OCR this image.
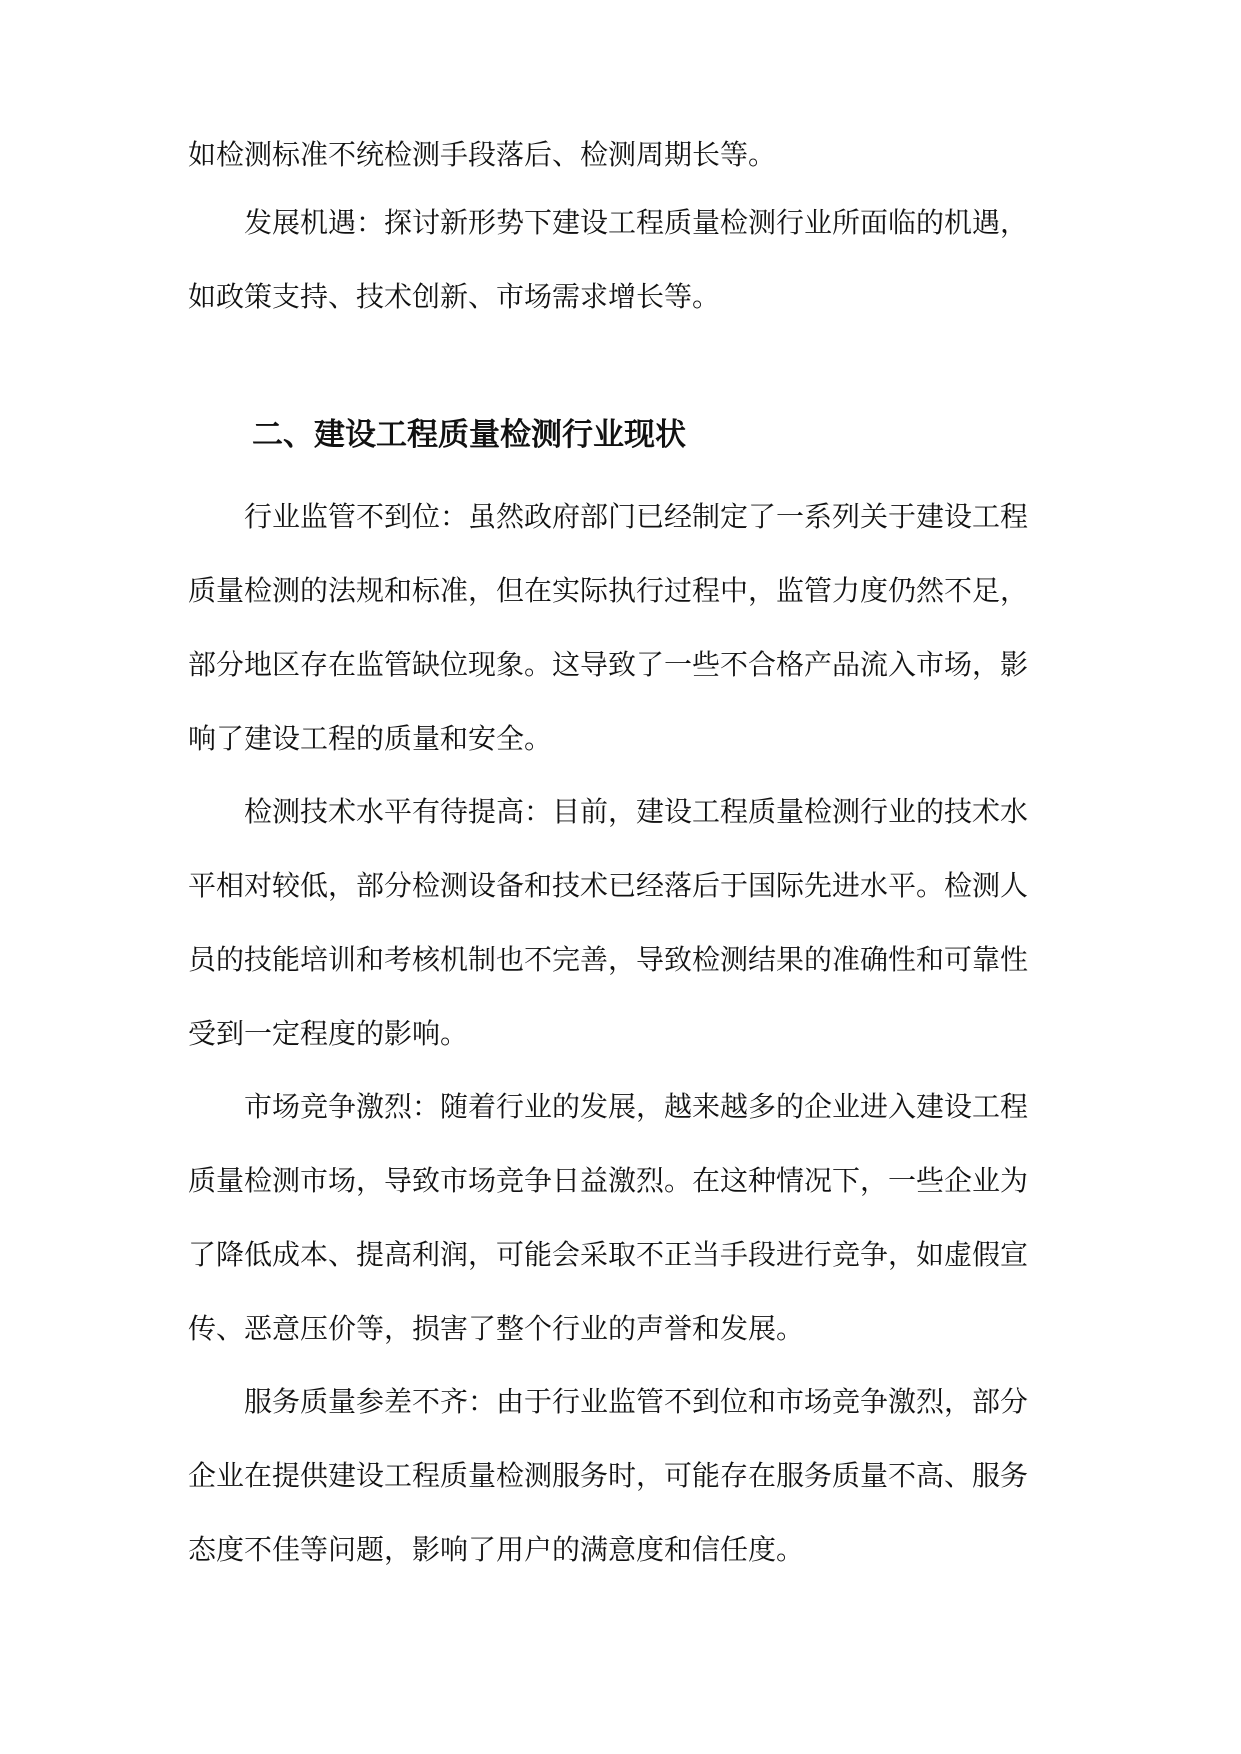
如检测标准不统检测手段落后、检测周期长等。

　　发展机遇：探讨新形势下建设工程质量检测行业所面临的机遇，
如政策支持、技术创新、市场需求增长等。

二、建设工程质量检测行业现状

　　行业监管不到位：虽然政府部门已经制定了一系列关于建设工程
质量检测的法规和标准，但在实际执行过程中，监管力度仍然不足，
部分地区存在监管缺位现象。这导致了一些不合格产品流入市场，影
响了建设工程的质量和安全。

　　检测技术水平有待提高：目前，建设工程质量检测行业的技术水
平相对较低，部分检测设备和技术已经落后于国际先进水平。检测人
员的技能培训和考核机制也不完善，导致检测结果的准确性和可靠性
受到一定程度的影响。

　　市场竞争激烈：随着行业的发展，越来越多的企业进入建设工程
质量检测市场，导致市场竞争日益激烈。在这种情况下，一些企业为
了降低成本、提高利润，可能会采取不正当手段进行竞争，如虚假宣
传、恶意压价等，损害了整个行业的声誉和发展。

　　服务质量参差不齐：由于行业监管不到位和市场竞争激烈，部分
企业在提供建设工程质量检测服务时，可能存在服务质量不高、服务
态度不佳等问题，影响了用户的满意度和信任度。
